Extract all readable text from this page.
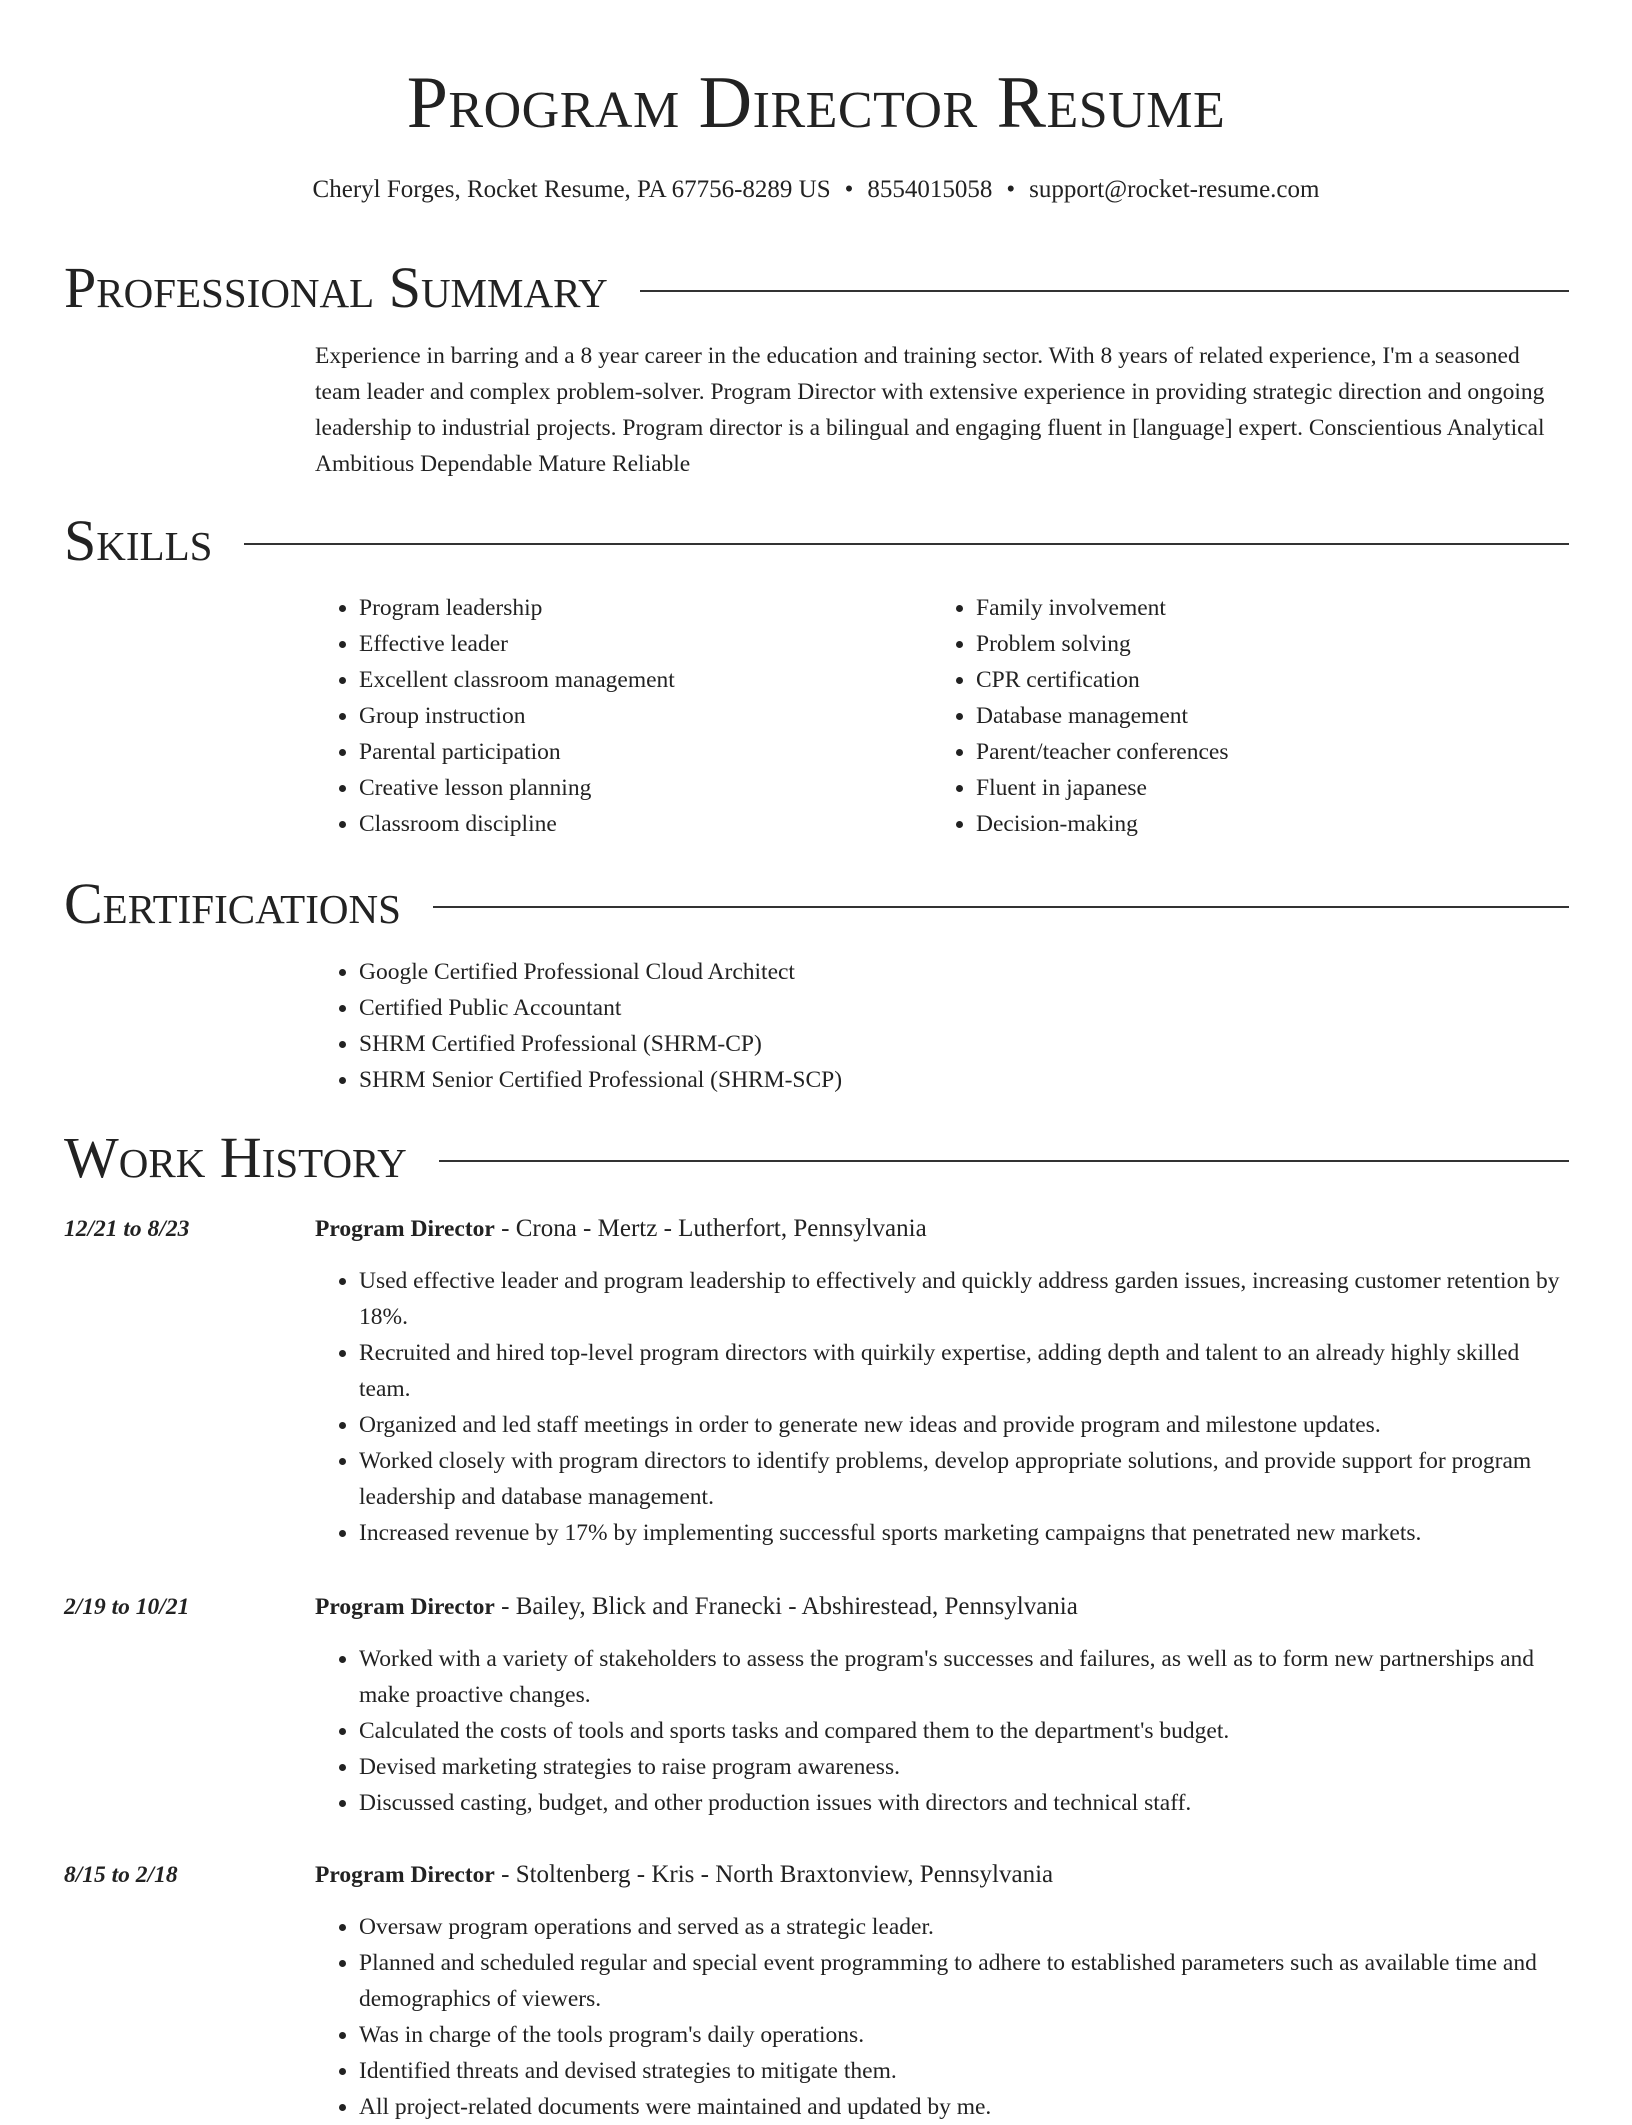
Program Director Resume
Cheryl Forges, Rocket Resume, PA 67756-8289 US • 8554015058 • support@rocket-resume.com
Professional Summary

Experience in barring and a 8 year career in the education and training sector. With 8 years of related experience, I'm a seasoned team leader and complex problem-solver. Program Director with extensive experience in providing strategic direction and ongoing leadership to industrial projects. Program director is a bilingual and engaging fluent in [language] expert. Conscientious Analytical Ambitious Dependable Mature Reliable

Skills
• Program leadership
• Effective leader
• Excellent classroom management
• Group instruction
• Parental participation
• Creative lesson planning
• Classroom discipline
• Family involvement
• Problem solving
• CPR certification
• Database management
• Parent/teacher conferences
• Fluent in japanese
• Decision-making
Certifications
• Google Certified Professional Cloud Architect
• Certified Public Accountant
• SHRM Certified Professional (SHRM-CP)
• SHRM Senior Certified Professional (SHRM-SCP)
Work History
12/21 to 8/23	Program Director - Crona - Mertz - Lutherfort, Pennsylvania
• Used effective leader and program leadership to effectively and quickly address garden issues, increasing customer retention by 18%.
• Recruited and hired top-level program directors with quirkily expertise, adding depth and talent to an already highly skilled team.
• Organized and led staff meetings in order to generate new ideas and provide program and milestone updates.
• Worked closely with program directors to identify problems, develop appropriate solutions, and provide support for program leadership and database management.
• Increased revenue by 17% by implementing successful sports marketing campaigns that penetrated new markets.
2/19 to 10/21	Program Director - Bailey, Blick and Franecki - Abshirestead, Pennsylvania
• Worked with a variety of stakeholders to assess the program's successes and failures, as well as to form new partnerships and make proactive changes.
• Calculated the costs of tools and sports tasks and compared them to the department's budget.
• Devised marketing strategies to raise program awareness.
• Discussed casting, budget, and other production issues with directors and technical staff.
8/15 to 2/18	Program Director - Stoltenberg - Kris - North Braxtonview, Pennsylvania
• Oversaw program operations and served as a strategic leader.
• Planned and scheduled regular and special event programming to adhere to established parameters such as available time and demographics of viewers.
• Was in charge of the tools program's daily operations.
• Identified threats and devised strategies to mitigate them.
• All project-related documents were maintained and updated by me.
